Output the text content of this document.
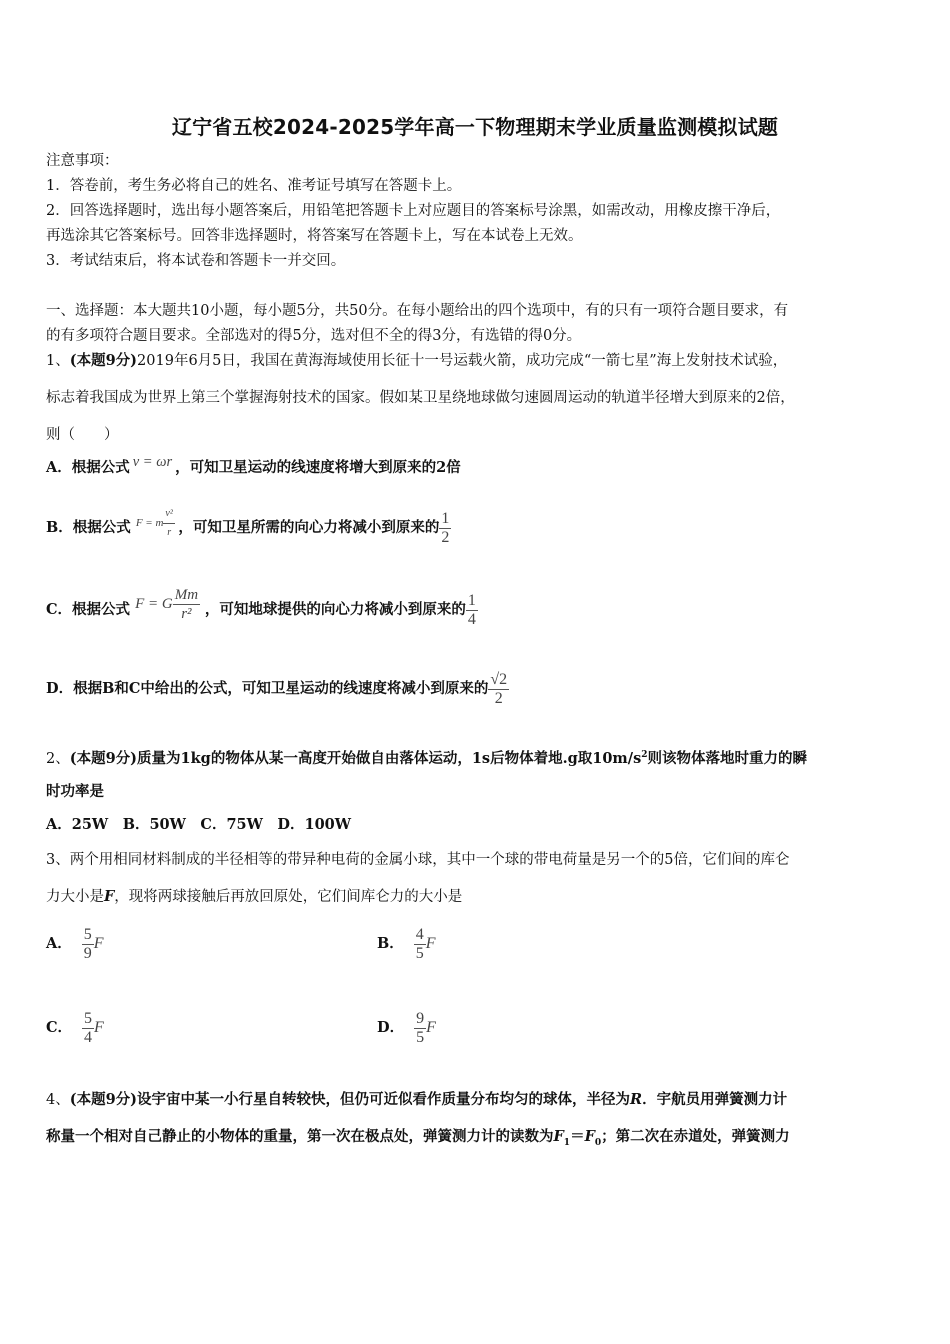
辽宁省五校2024-2025学年高一下物理期末学业质量监测模拟试题
注意事项：
1．答卷前，考生务必将自己的姓名、准考证号填写在答题卡上。
2．回答选择题时，选出每小题答案后，用铅笔把答题卡上对应题目的答案标号涂黑，如需改动，用橡皮擦干净后，
再选涂其它答案标号。回答非选择题时，将答案写在答题卡上，写在本试卷上无效。
3．考试结束后，将本试卷和答题卡一并交回。
一、选择题：本大题共10小题，每小题5分，共50分。在每小题给出的四个选项中，有的只有一项符合题目要求，有
的有多项符合题目要求。全部选对的得5分，选对但不全的得3分，有选错的得0分。
1、(本题9分)2019年6月5日，我国在黄海海域使用长征十一号运载火箭，成功完成“一箭七星”海上发射技术试验，
标志着我国成为世界上第三个掌握海射技术的国家。假如某卫星绕地球做匀速圆周运动的轨道半径增大到原来的2倍，
则（　　）
A．根据公式 v = ωr ，可知卫星运动的线速度将增大到原来的2倍
B．根据公式 $^{F = m \frac{\text{v²}}{r}}$ ，可知卫星所需的向心力将减小到原来的 $\frac{1}{2}$
C．根据公式 F = G $\frac{Mm}{\text{r²}}$ ，可知地球提供的向心力将减小到原来的 $\frac{1}{4}$
D．根据B和C中给出的公式，可知卫星运动的线速度将减小到原来的 $\frac{√2}{2}$
2、(本题9分)质量为1kg的物体从某一高度开始做自由落体运动，1s后物体着地.g取$10m/s^2$则该物体落地时重力的瞬
时功率是
A．25W　B．50W　C．75W　D．100W
3、两个用相同材料制成的半径相等的带异种电荷的金属小球，其中一个球的带电荷量是另一个的5倍，它们间的库仑
力大小是F，现将两球接触后再放回原处，它们间库仑力的大小是
A． $\frac{5}{9}$ F	B． $\frac{4}{5}$ F
C． $\frac{5}{4}$ F	D． $\frac{9}{5}$ F
4、(本题9分)设宇宙中某一小行星自转较快，但仍可近似看作质量分布均匀的球体，半径为R．宇航员用弹簧测力计
称量一个相对自己静止的小物体的重量，第一次在极点处，弹簧测力计的读数为$F_1=F_0$；第二次在赤道处，弹簧测力
